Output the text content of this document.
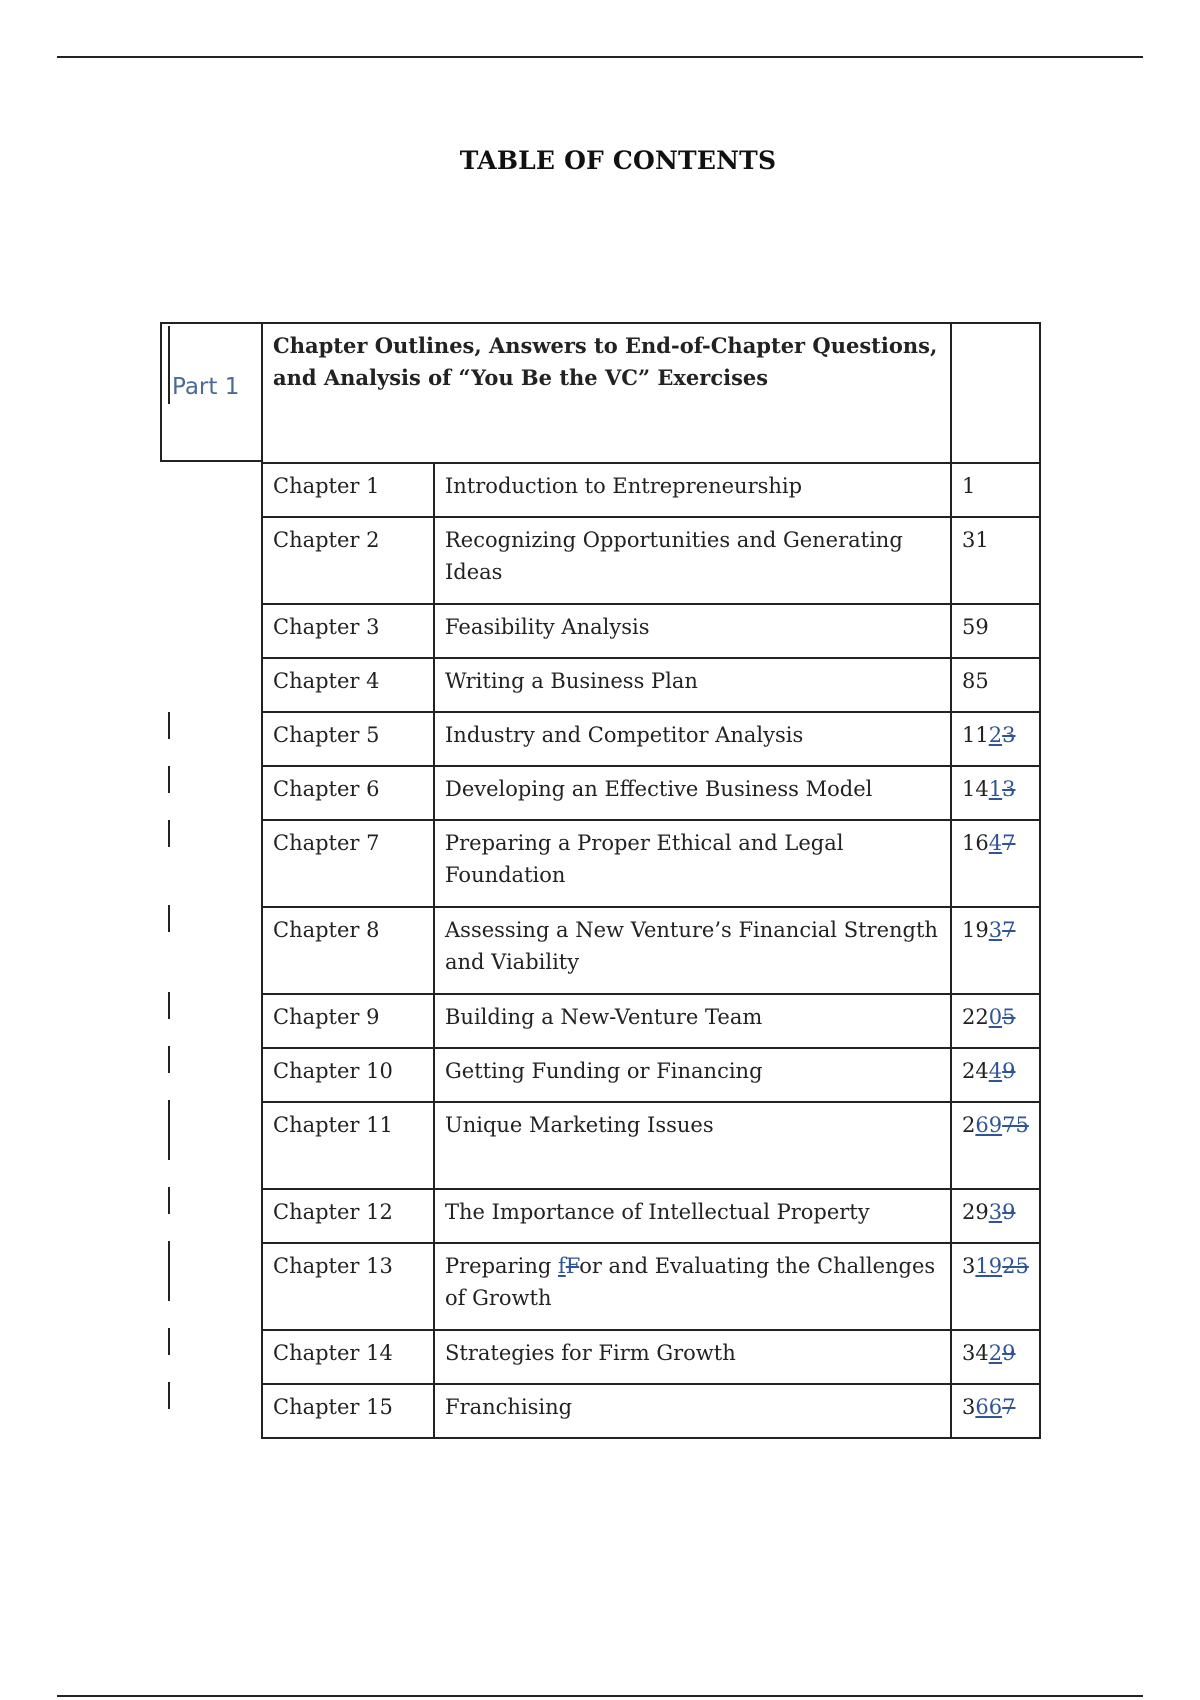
TABLE OF CONTENTS
Part 1
Chapter Outlines, Answers to End-of-Chapter Questions,
and Analysis of “You Be the VC” Exercises		

Chapter 1	Introduction to Entrepreneurship	1
Chapter 2	Recognizing Opportunities and Generating Ideas	31
Chapter 3	Feasibility Analysis	59
Chapter 4	Writing a Business Plan	85
Chapter 5	Industry and Competitor Analysis	1123
Chapter 6	Developing an Effective Business Model	1413
Chapter 7	Preparing a Proper Ethical and Legal Foundation	1647
Chapter 8	Assessing a New Venture’s Financial Strength and Viability	1937
Chapter 9	Building a New-Venture Team	2205
Chapter 10	Getting Funding or Financing	2449
Chapter 11	Unique Marketing Issues	26975
Chapter 12	The Importance of Intellectual Property	2939
Chapter 13	Preparing fFor and Evaluating the Challenges of Growth	31925
Chapter 14	Strategies for Firm Growth	3429
Chapter 15	Franchising	3667
